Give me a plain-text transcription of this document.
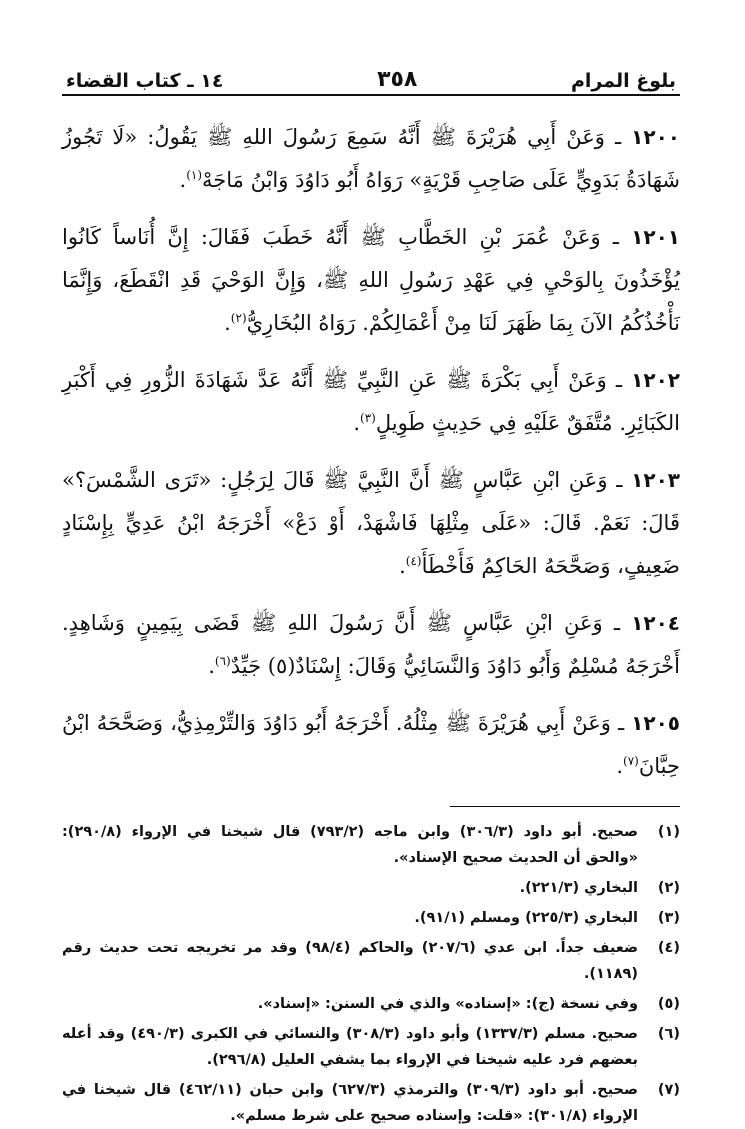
بلوغ المرام
٣٥٨
١٤ ـ كتاب القضاء

١٢٠٠ ـ وَعَنْ أَبِي هُرَيْرَةَ ﷺ أَنَّهُ سَمِعَ رَسُولَ اللهِ ﷺ يَقُولُ: «لَا تَجُوزُ شَهَادَةُ بَدَوِيٍّ عَلَى صَاحِبِ قَرْيَةٍ» رَوَاهُ أَبُو دَاوُدَ وَابْنُ مَاجَهْ$^{(١)}$.

١٢٠١ ـ وَعَنْ عُمَرَ بْنِ الخَطَّابِ ﷺ أَنَّهُ خَطَبَ فَقَالَ: إِنَّ أُنَاساً كَانُوا يُؤْخَذُونَ بِالوَحْيِ فِي عَهْدِ رَسُولِ اللهِ ﷺ، وَإِنَّ الوَحْيَ قَدِ انْقَطَعَ، وَإِنَّمَا نَأْخُذُكُمُ الآنَ بِمَا ظَهَرَ لَنَا مِنْ أَعْمَالِكُمْ. رَوَاهُ البُخَارِيُّ$^{(٢)}$.

١٢٠٢ ـ وَعَنْ أَبِي بَكْرَةَ ﷺ عَنِ النَّبِيِّ ﷺ أَنَّهُ عَدَّ شَهَادَةَ الزُّورِ فِي أَكْبَرِ الكَبَائِرِ. مُتَّفَقٌ عَلَيْهِ فِي حَدِيثٍ طَوِيلٍ$^{(٣)}$.

١٢٠٣ ـ وَعَنِ ابْنِ عَبَّاسٍ ﷺ أَنَّ النَّبِيَّ ﷺ قَالَ لِرَجُلٍ: «تَرَى الشَّمْسَ؟» قَالَ: نَعَمْ. قَالَ: «عَلَى مِثْلِهَا فَاشْهَدْ، أَوْ دَعْ» أَخْرَجَهُ ابْنُ عَدِيٍّ بِإِسْنَادٍ ضَعِيفٍ، وَصَحَّحَهُ الحَاكِمُ فَأَخْطَأَ$^{(٤)}$.

١٢٠٤ ـ وَعَنِ ابْنِ عَبَّاسٍ ﷺ أَنَّ رَسُولَ اللهِ ﷺ قَضَى بِيَمِينٍ وَشَاهِدٍ. أَخْرَجَهُ مُسْلِمٌ وَأَبُو دَاوُدَ وَالنَّسَائِيُّ وَقَالَ: إِسْنَادٌ(٥) جَيِّدٌ$^{(٦)}$.

١٢٠٥ ـ وَعَنْ أَبِي هُرَيْرَةَ ﷺ مِثْلُهُ. أَخْرَجَهُ أَبُو دَاوُدَ وَالتِّرْمِذِيُّ، وَصَحَّحَهُ ابْنُ حِبَّانَ$^{(٧)}$.

(١)
صحيح. أبو داود (٣٠٦/٣) وابن ماجه (٧٩٣/٢) قال شيخنا في الإرواء (٢٩٠/٨): «والحق أن الحديث صحيح الإسناد».
(٢)
البخاري (٢٢١/٣).
(٣)
البخاري (٢٢٥/٣) ومسلم (٩١/١).
(٤)
ضعيف جداً. ابن عدي (٢٠٧/٦) والحاكم (٩٨/٤) وقد مر تخريجه تحت حديث رقم (١١٨٩).
(٥)
وفي نسخة (ج): «إسناده» والذي في السنن: «إسناد».
(٦)
صحيح. مسلم (١٣٣٧/٣) وأبو داود (٣٠٨/٣) والنسائي في الكبرى (٤٩٠/٣) وقد أعله بعضهم فرد عليه شيخنا في الإرواء بما يشفي العليل (٢٩٦/٨).
(٧)
صحيح. أبو داود (٣٠٩/٣) والترمذي (٦٢٧/٣) وابن حبان (٤٦٢/١١) قال شيخنا في الإرواء (٣٠١/٨): «قلت: وإسناده صحيح على شرط مسلم».
